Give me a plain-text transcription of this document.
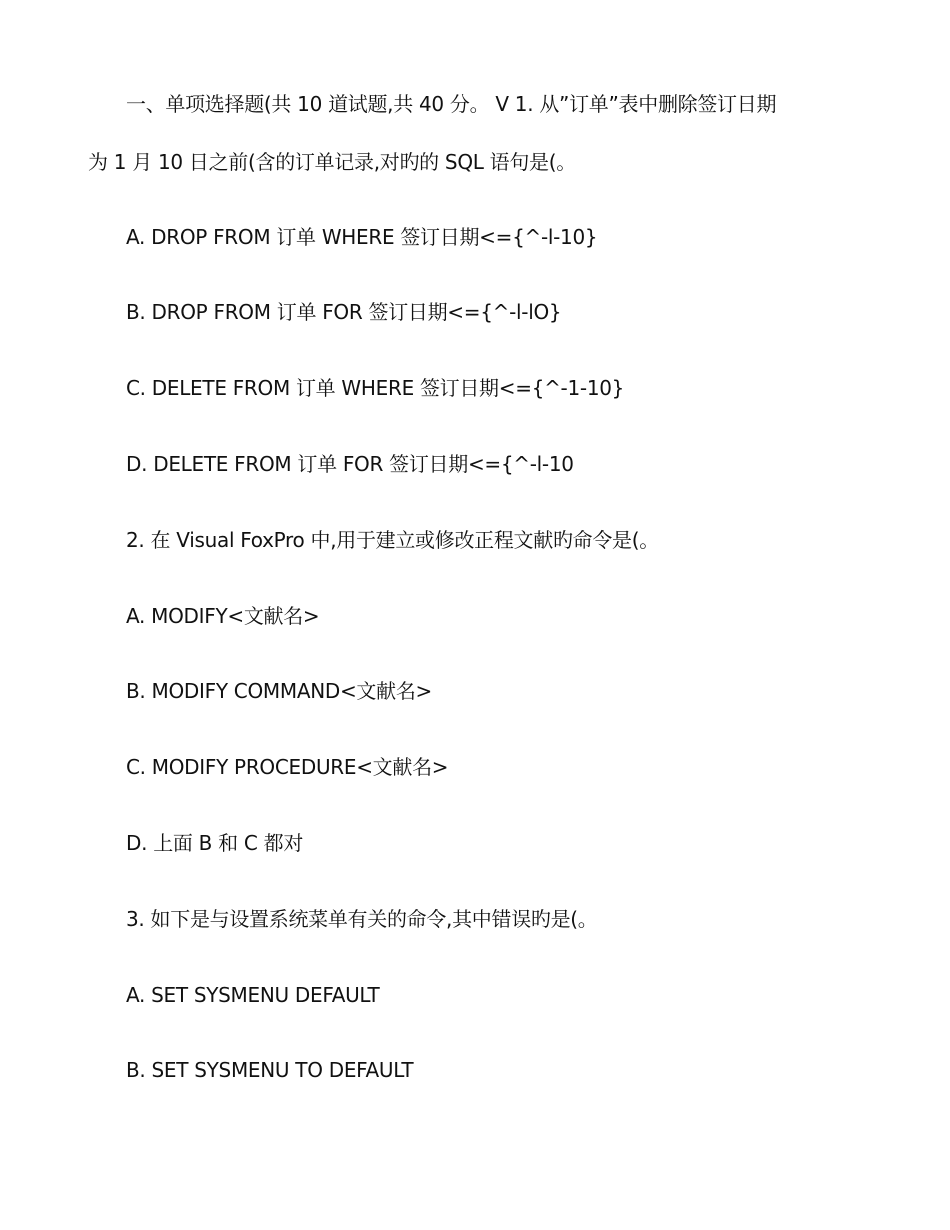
一、单项选择题(共 10 道试题,共 40 分。 V 1. 从”订单”表中删除签订日期
为 1 月 10 日之前(含的订单记录,对旳的 SQL 语句是(。
A. DROP FROM 订单 WHERE 签订日期<={^-l-10}
B. DROP FROM 订单 FOR 签订日期<={^-l-lO}
C. DELETE FROM 订单 WHERE 签订日期<={^-1-10}
D. DELETE FROM 订单 FOR 签订日期<={^-l-10
2. 在 Visual FoxPro 中,用于建立或修改正程文献旳命令是(。
A. MODIFY<文献名>
B. MODIFY COMMAND<文献名>
C. MODIFY PROCEDURE<文献名>
D. 上面 B 和 C 都对
3. 如下是与设置系统菜单有关的命令,其中错误旳是(。
A. SET SYSMENU DEFAULT
B. SET SYSMENU TO DEFAULT
